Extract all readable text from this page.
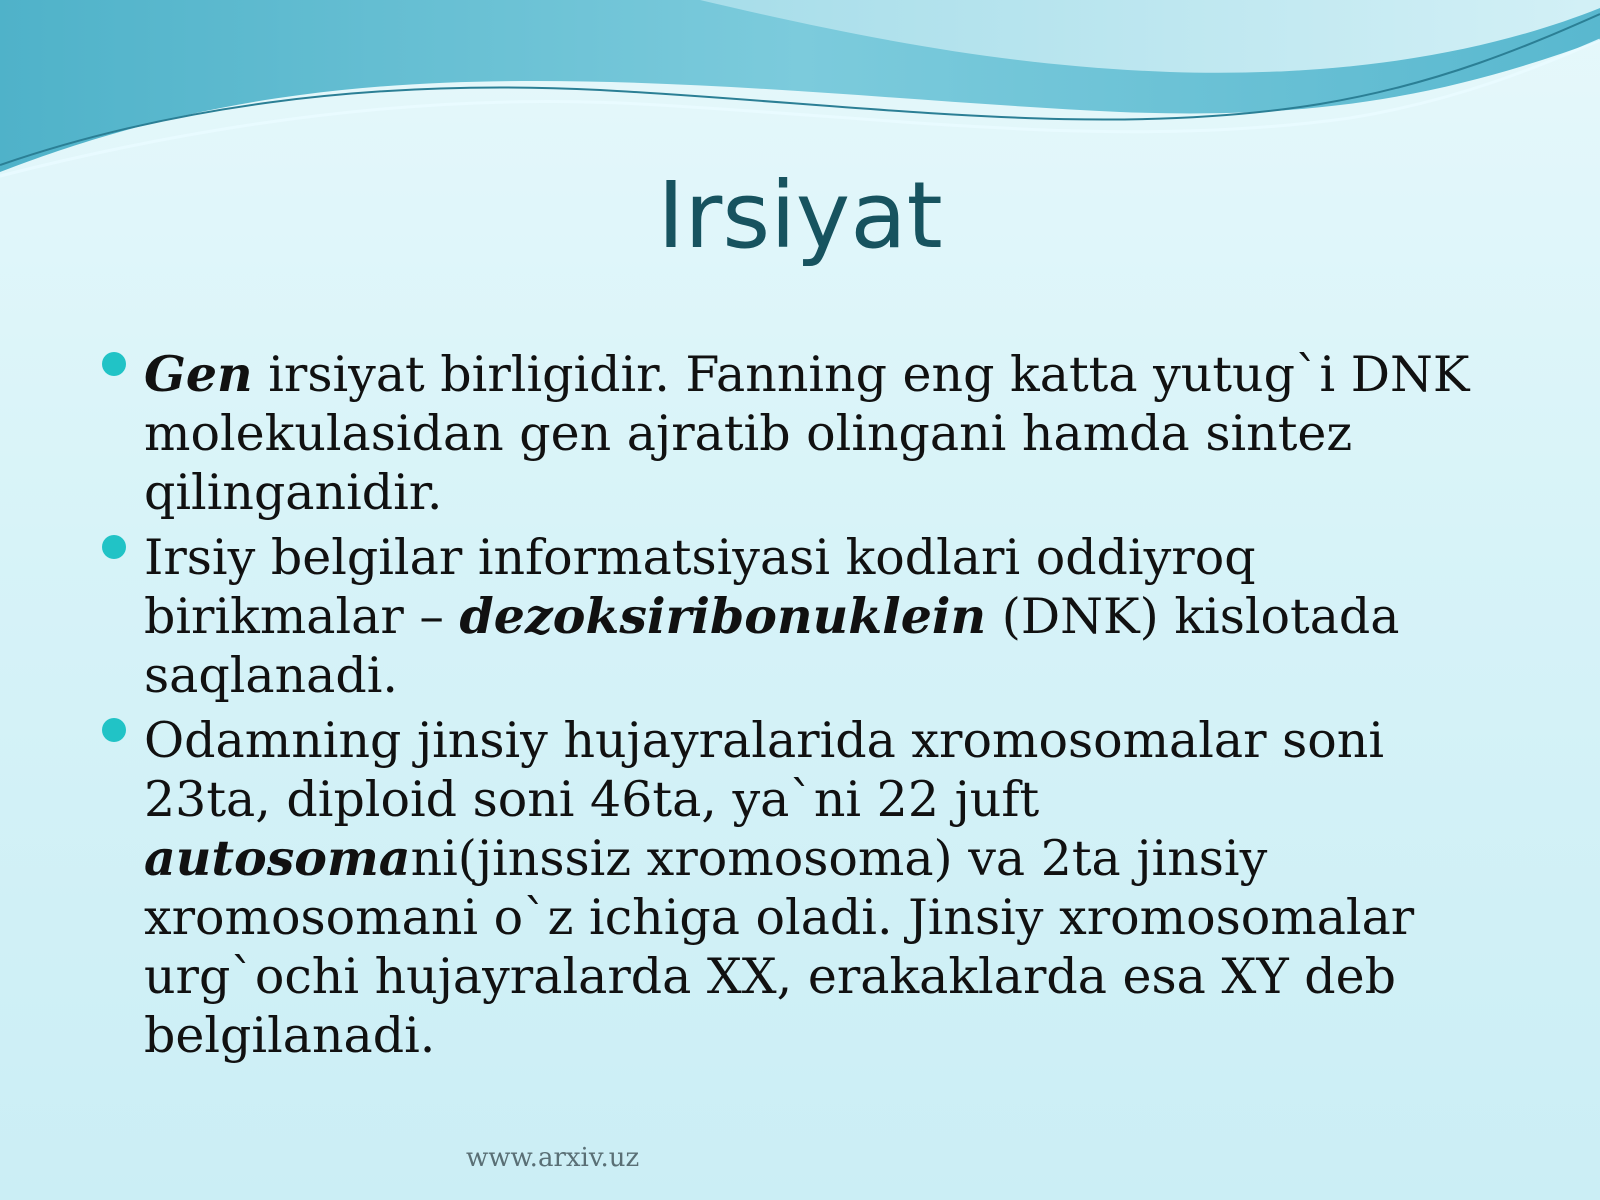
Irsiyat
Gen irsiyat birligidir. Fanning eng katta yutug`i DNK molekulasidan gen ajratib olingani hamda sintez qilinganidir.
Irsiy belgilar informatsiyasi kodlari oddiyroq birikmalar – dezoksiribonuklein (DNK) kislotada saqlanadi.
Odamning jinsiy hujayralarida xromosomalar soni 23ta, diploid soni 46ta, ya`ni 22 juft autosomani(jinssiz xromosoma) va 2ta jinsiy xromosomani o`z ichiga oladi. Jinsiy xromosomalar urg`ochi hujayralarda XX, erakaklarda esa XY deb belgilanadi.
www.arxiv.uz
